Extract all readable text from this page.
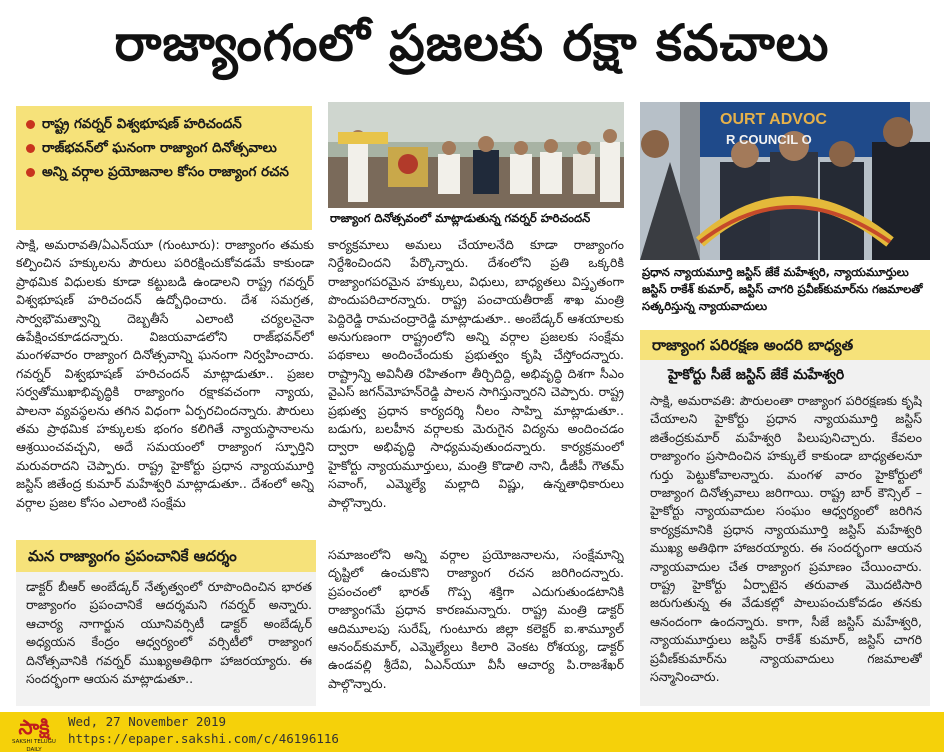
రాజ్యాంగంలో ప్రజలకు రక్షా కవచాలు
రాష్ట్ర గవర్నర్ విశ్వభూషణ్ హరిచందన్
రాజ్‌భవన్‌లో ఘనంగా రాజ్యాంగ దినోత్సవాలు
అన్ని వర్గాల ప్రయోజనాల కోసం రాజ్యాంగ రచన
రాజ్యాంగ దినోత్సవంలో మాట్లాడుతున్న గవర్నర్ హరిచందన్
OURT ADVOC
R COUNCIL O
ప్రధాన న్యాయమూర్తి జస్టిస్ జేకే మహేశ్వరి, న్యాయమూర్తులు జస్టిస్ రాకేశ్ కుమార్, జస్టిస్ చాగరి ప్రవీణ్‌కుమార్‌ను గజమాలతో సత్కరిస్తున్న న్యాయవాదులు

సాక్షి, అమరావతి/ఏఎన్‌యూ (గుంటూరు): రాజ్యాంగం తమకు కల్పించిన హక్కులను పౌరులు పరిరక్షించుకోవడమే కాకుండా ప్రాథమిక విధులకు కూడా కట్టుబడి ఉండాలని రాష్ట్ర గవర్నర్ విశ్వభూషణ్ హరిచందన్ ఉద్బోధించారు. దేశ సమగ్రత, సార్వభౌమత్వాన్ని దెబ్బతీసే ఎలాంటి చర్యలనైనా ఉపేక్షించకూడదన్నారు. విజయవాడలోని రాజ్‌భవన్‌లో మంగళవారం రాజ్యాంగ దినోత్సవాన్ని ఘనంగా నిర్వహించారు. గవర్నర్ విశ్వభూషణ్ హరిచందన్ మాట్లాడుతూ.. ప్రజల సర్వతోముఖాభివృద్ధికి రాజ్యాంగం రక్షాకవచంగా న్యాయ, పాలనా వ్యవస్థలను తగిన విధంగా ఏర్పరచిందన్నారు. పౌరులు తమ ప్రాథమిక హక్కులకు భంగం కలిగితే న్యాయస్థానాలను ఆశ్రయించవచ్చని, అదే సమయంలో రాజ్యాంగ స్ఫూర్తిని మరువరాదని చెప్పారు. రాష్ట్ర హైకోర్టు ప్రధాన న్యాయమూర్తి జస్టిస్ జితేంద్ర కుమార్ మహేశ్వరి మాట్లాడుతూ.. దేశంలో అన్ని వర్గాల ప్రజల కోసం ఎలాంటి సంక్షేమ

కార్యక్రమాలు అమలు చేయాలనేది కూడా రాజ్యాంగం నిర్దేశించిందని పేర్కొన్నారు. దేశంలోని ప్రతి ఒక్కరికి రాజ్యాంగపరమైన హక్కులు, విధులు, బాధ్యతలు విస్తృతంగా పొందుపరిచారన్నారు. రాష్ట్ర పంచాయతీరాజ్ శాఖ మంత్రి పెద్దిరెడ్డి రామచంద్రారెడ్డి మాట్లాడుతూ.. అంబేడ్కర్ ఆశయాలకు అనుగుణంగా రాష్ట్రంలోని అన్ని వర్గాల ప్రజలకు సంక్షేమ పథకాలు అందించేందుకు ప్రభుత్వం కృషి చేస్తోందన్నారు. రాష్ట్రాన్ని అవినీతి రహితంగా తీర్చిదిద్ది, అభివృద్ధి దిశగా సీఎం వైఎస్ జగన్‌మోహన్‌రెడ్డి పాలన సాగిస్తున్నారని చెప్పారు. రాష్ట్ర ప్రభుత్వ ప్రధాన కార్యదర్శి నీలం సాహ్ని మాట్లాడుతూ.. బడుగు, బలహీన వర్గాలకు మెరుగైన విద్యను అందించడం ద్వారా అభివృద్ధి సాధ్యమవుతుందన్నారు. కార్యక్రమంలో హైకోర్టు న్యాయమూర్తులు, మంత్రి కొడాలి నాని, డీజీపీ గౌతమ్ సవాంగ్, ఎమ్మెల్యే మల్లాది విష్ణు, ఉన్నతాధికారులు పాల్గొన్నారు.

మన రాజ్యాంగం ప్రపంచానికే ఆదర్శం

డాక్టర్ బీఆర్ అంబేడ్కర్ నేతృత్వంలో రూపొందించిన భారత రాజ్యాంగం ప్రపంచానికే ఆదర్శమని గవర్నర్ అన్నారు. ఆచార్య నాగార్జున యూనివర్సిటీ డాక్టర్ అంబేడ్కర్ అధ్యయన కేంద్రం ఆధ్వర్యంలో వర్సిటీలో రాజ్యాంగ దినోత్సవానికి గవర్నర్ ముఖ్యఅతిథిగా హాజరయ్యారు. ఈ సందర్భంగా ఆయన మాట్లాడుతూ..

సమాజంలోని అన్ని వర్గాల ప్రయోజనాలను, సంక్షేమాన్ని దృష్టిలో ఉంచుకొని రాజ్యాంగ రచన జరిగిందన్నారు. ప్రపంచంలో భారత్ గొప్ప శక్తిగా ఎదుగుతుండటానికి రాజ్యాంగమే ప్రధాన కారణమన్నారు. రాష్ట్ర మంత్రి డాక్టర్ ఆదిమూలపు సురేష్, గుంటూరు జిల్లా కలెక్టర్ ఐ.శామ్యూల్ ఆనంద్‌కుమార్, ఎమ్మెల్యేలు కిలారి వెంకట రోశయ్య, డాక్టర్ ఉండవల్లి శ్రీదేవి, ఏఎన్‌యూ వీసీ ఆచార్య పి.రాజశేఖర్ పాల్గొన్నారు.

రాజ్యాంగ పరిరక్షణ అందరి బాధ్యత
హైకోర్టు సీజే జస్టిస్ జేకే మహేశ్వరి

సాక్షి, అమరావతి: పౌరులంతా రాజ్యాంగ పరిరక్షణకు కృషి చేయాలని హైకోర్టు ప్రధాన న్యాయమూర్తి జస్టిస్ జితేంద్రకుమార్ మహేశ్వరి పిలుపునిచ్చారు. కేవలం రాజ్యాంగం ప్రసాదించిన హక్కులే కాకుండా బాధ్యతలనూ గుర్తు పెట్టుకోవాలన్నారు. మంగళ వారం హైకోర్టులో రాజ్యాంగ దినోత్సవాలు జరిగాయి. రాష్ట్ర బార్ కౌన్సిల్ – హైకోర్టు న్యాయవాదుల సంఘం ఆధ్వర్యంలో జరిగిన కార్యక్రమానికి ప్రధాన న్యాయమూర్తి జస్టిస్ మహేశ్వరి ముఖ్య అతిథిగా హాజరయ్యారు. ఈ సందర్భంగా ఆయన న్యాయవాదుల చేత రాజ్యాంగ ప్రమాణం చేయించారు. రాష్ట్ర హైకోర్టు ఏర్పాటైన తరువాత మొదటిసారి జరుగుతున్న ఈ వేడుకల్లో పాలుపంచుకోవడం తనకు ఆనందంగా ఉందన్నారు. కాగా, సీజే జస్టిస్ మహేశ్వరి, న్యాయమూర్తులు జస్టిస్ రాకేశ్ కుమార్, జస్టిస్ చాగరి ప్రవీణ్‌కుమార్‌ను న్యాయవాదులు గజమాలతో సన్మానించారు.

సాక్షి
SAKSHI TELUGU DAILY
Wed, 27 November 2019
https://epaper.sakshi.com/c/46196116
